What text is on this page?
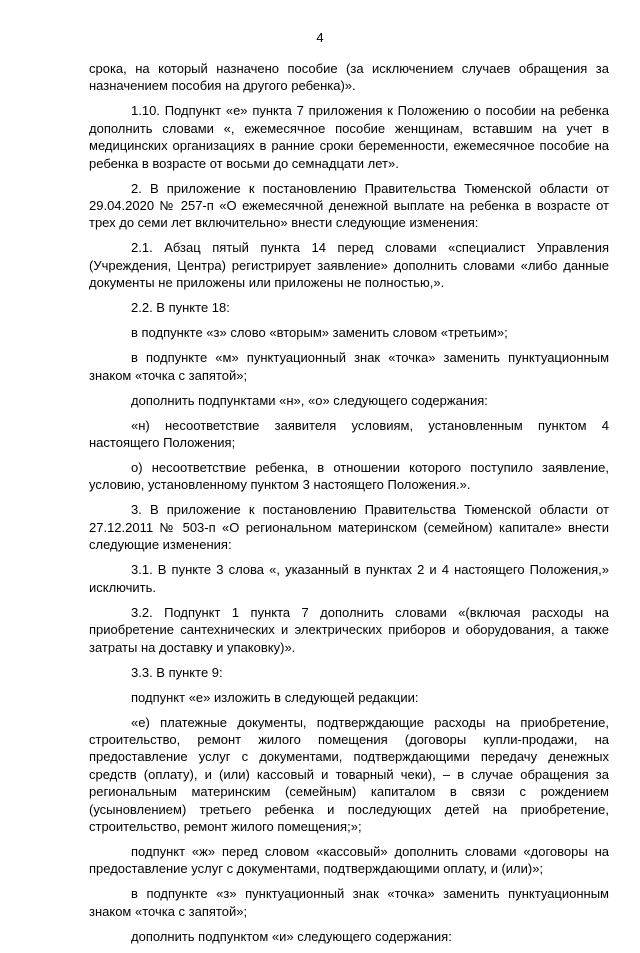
4

срока, на который назначено пособие (за исключением случаев обращения за назначением пособия на другого ребенка)».

1.10. Подпункт «е» пункта 7 приложения к Положению о пособии на ребенка дополнить словами «, ежемесячное пособие женщинам, вставшим на учет в медицинских организациях в ранние сроки беременности, ежемесячное пособие на ребенка в возрасте от восьми до семнадцати лет».

2. В приложение к постановлению Правительства Тюменской области от 29.04.2020 № 257-п «О ежемесячной денежной выплате на ребенка в возрасте от трех до семи лет включительно» внести следующие изменения:

2.1. Абзац пятый пункта 14 перед словами «специалист Управления (Учреждения, Центра) регистрирует заявление» дополнить словами «либо данные документы не приложены или приложены не полностью,».

2.2. В пункте 18:

в подпункте «з» слово «вторым» заменить словом «третьим»;

в подпункте «м» пунктуационный знак «точка» заменить пунктуационным знаком «точка с запятой»;

дополнить подпунктами «н», «о» следующего содержания:

«н) несоответствие заявителя условиям, установленным пунктом 4 настоящего Положения;

о) несоответствие ребенка, в отношении которого поступило заявление, условию, установленному пунктом 3 настоящего Положения.».

3. В приложение к постановлению Правительства Тюменской области от 27.12.2011 № 503-п «О региональном материнском (семейном) капитале» внести следующие изменения:

3.1. В пункте 3 слова «, указанный в пунктах 2 и 4 настоящего Положения,» исключить.

3.2. Подпункт 1 пункта 7 дополнить словами «(включая расходы на приобретение сантехнических и электрических приборов и оборудования, а также затраты на доставку и упаковку)».

3.3. В пункте 9:

подпункт «е» изложить в следующей редакции:

«е) платежные документы, подтверждающие расходы на приобретение, строительство, ремонт жилого помещения (договоры купли-продажи, на предоставление услуг с документами, подтверждающими передачу денежных средств (оплату), и (или) кассовый и товарный чеки), – в случае обращения за региональным материнским (семейным) капиталом в связи с рождением (усыновлением) третьего ребенка и последующих детей на приобретение, строительство, ремонт жилого помещения;»;

подпункт «ж» перед словом «кассовый» дополнить словами «договоры на предоставление услуг с документами, подтверждающими оплату, и (или)»;

в подпункте «з» пунктуационный знак «точка» заменить пунктуационным знаком «точка с запятой»;

дополнить подпунктом «и» следующего содержания:
